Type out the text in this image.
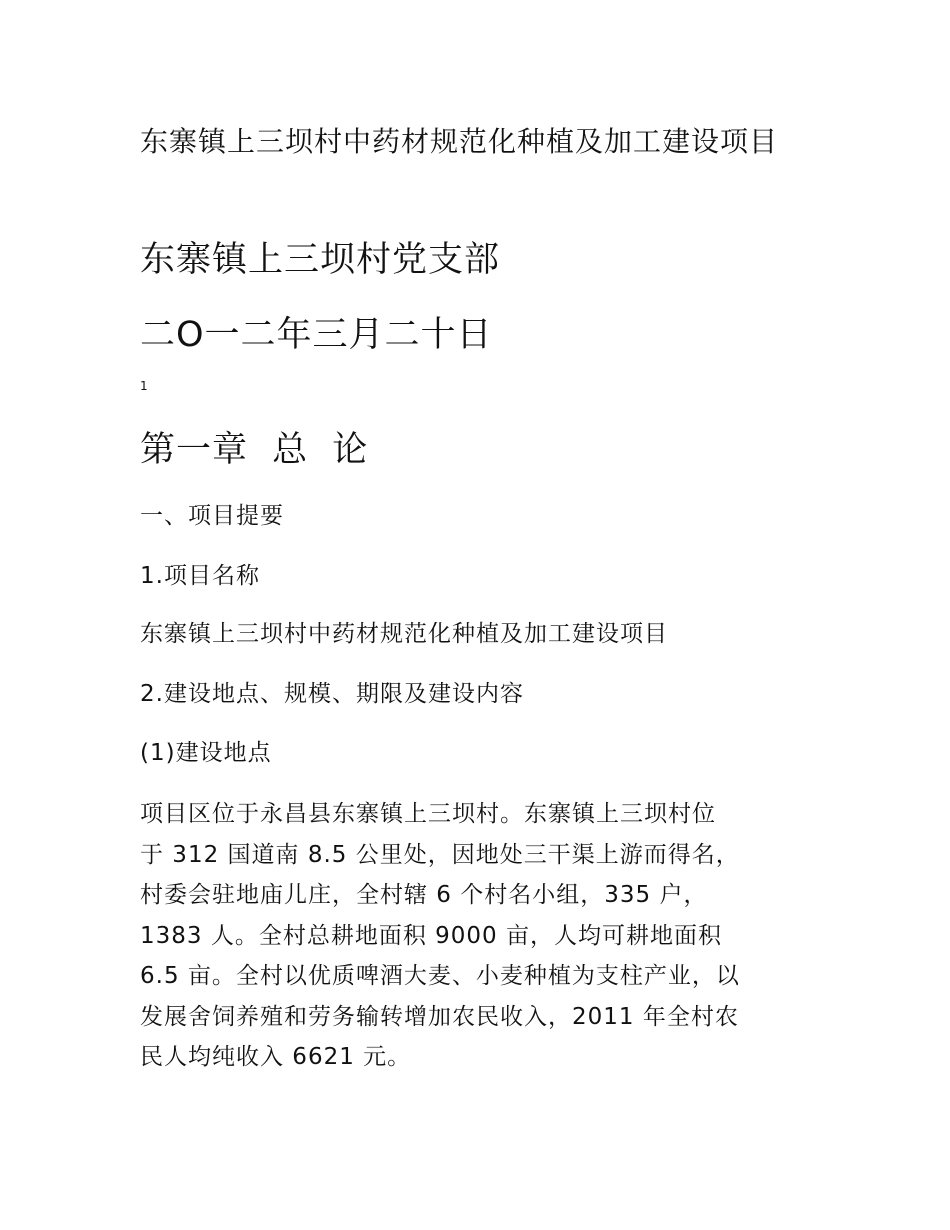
东寨镇上三坝村中药材规范化种植及加工建设项目

东寨镇上三坝村党支部

二O一二年三月二十日

1

第一章 总 论

一、项目提要

1.项目名称

东寨镇上三坝村中药材规范化种植及加工建设项目

2.建设地点、规模、期限及建设内容

(1)建设地点

项目区位于永昌县东寨镇上三坝村。东寨镇上三坝村位
于 312 国道南 8.5 公里处，因地处三干渠上游而得名，
村委会驻地庙儿庄，全村辖 6 个村名小组，335 户，
1383 人。全村总耕地面积 9000 亩，人均可耕地面积
6.5 亩。全村以优质啤酒大麦、小麦种植为支柱产业，以
发展舍饲养殖和劳务输转增加农民收入，2011 年全村农
民人均纯收入 6621 元。
